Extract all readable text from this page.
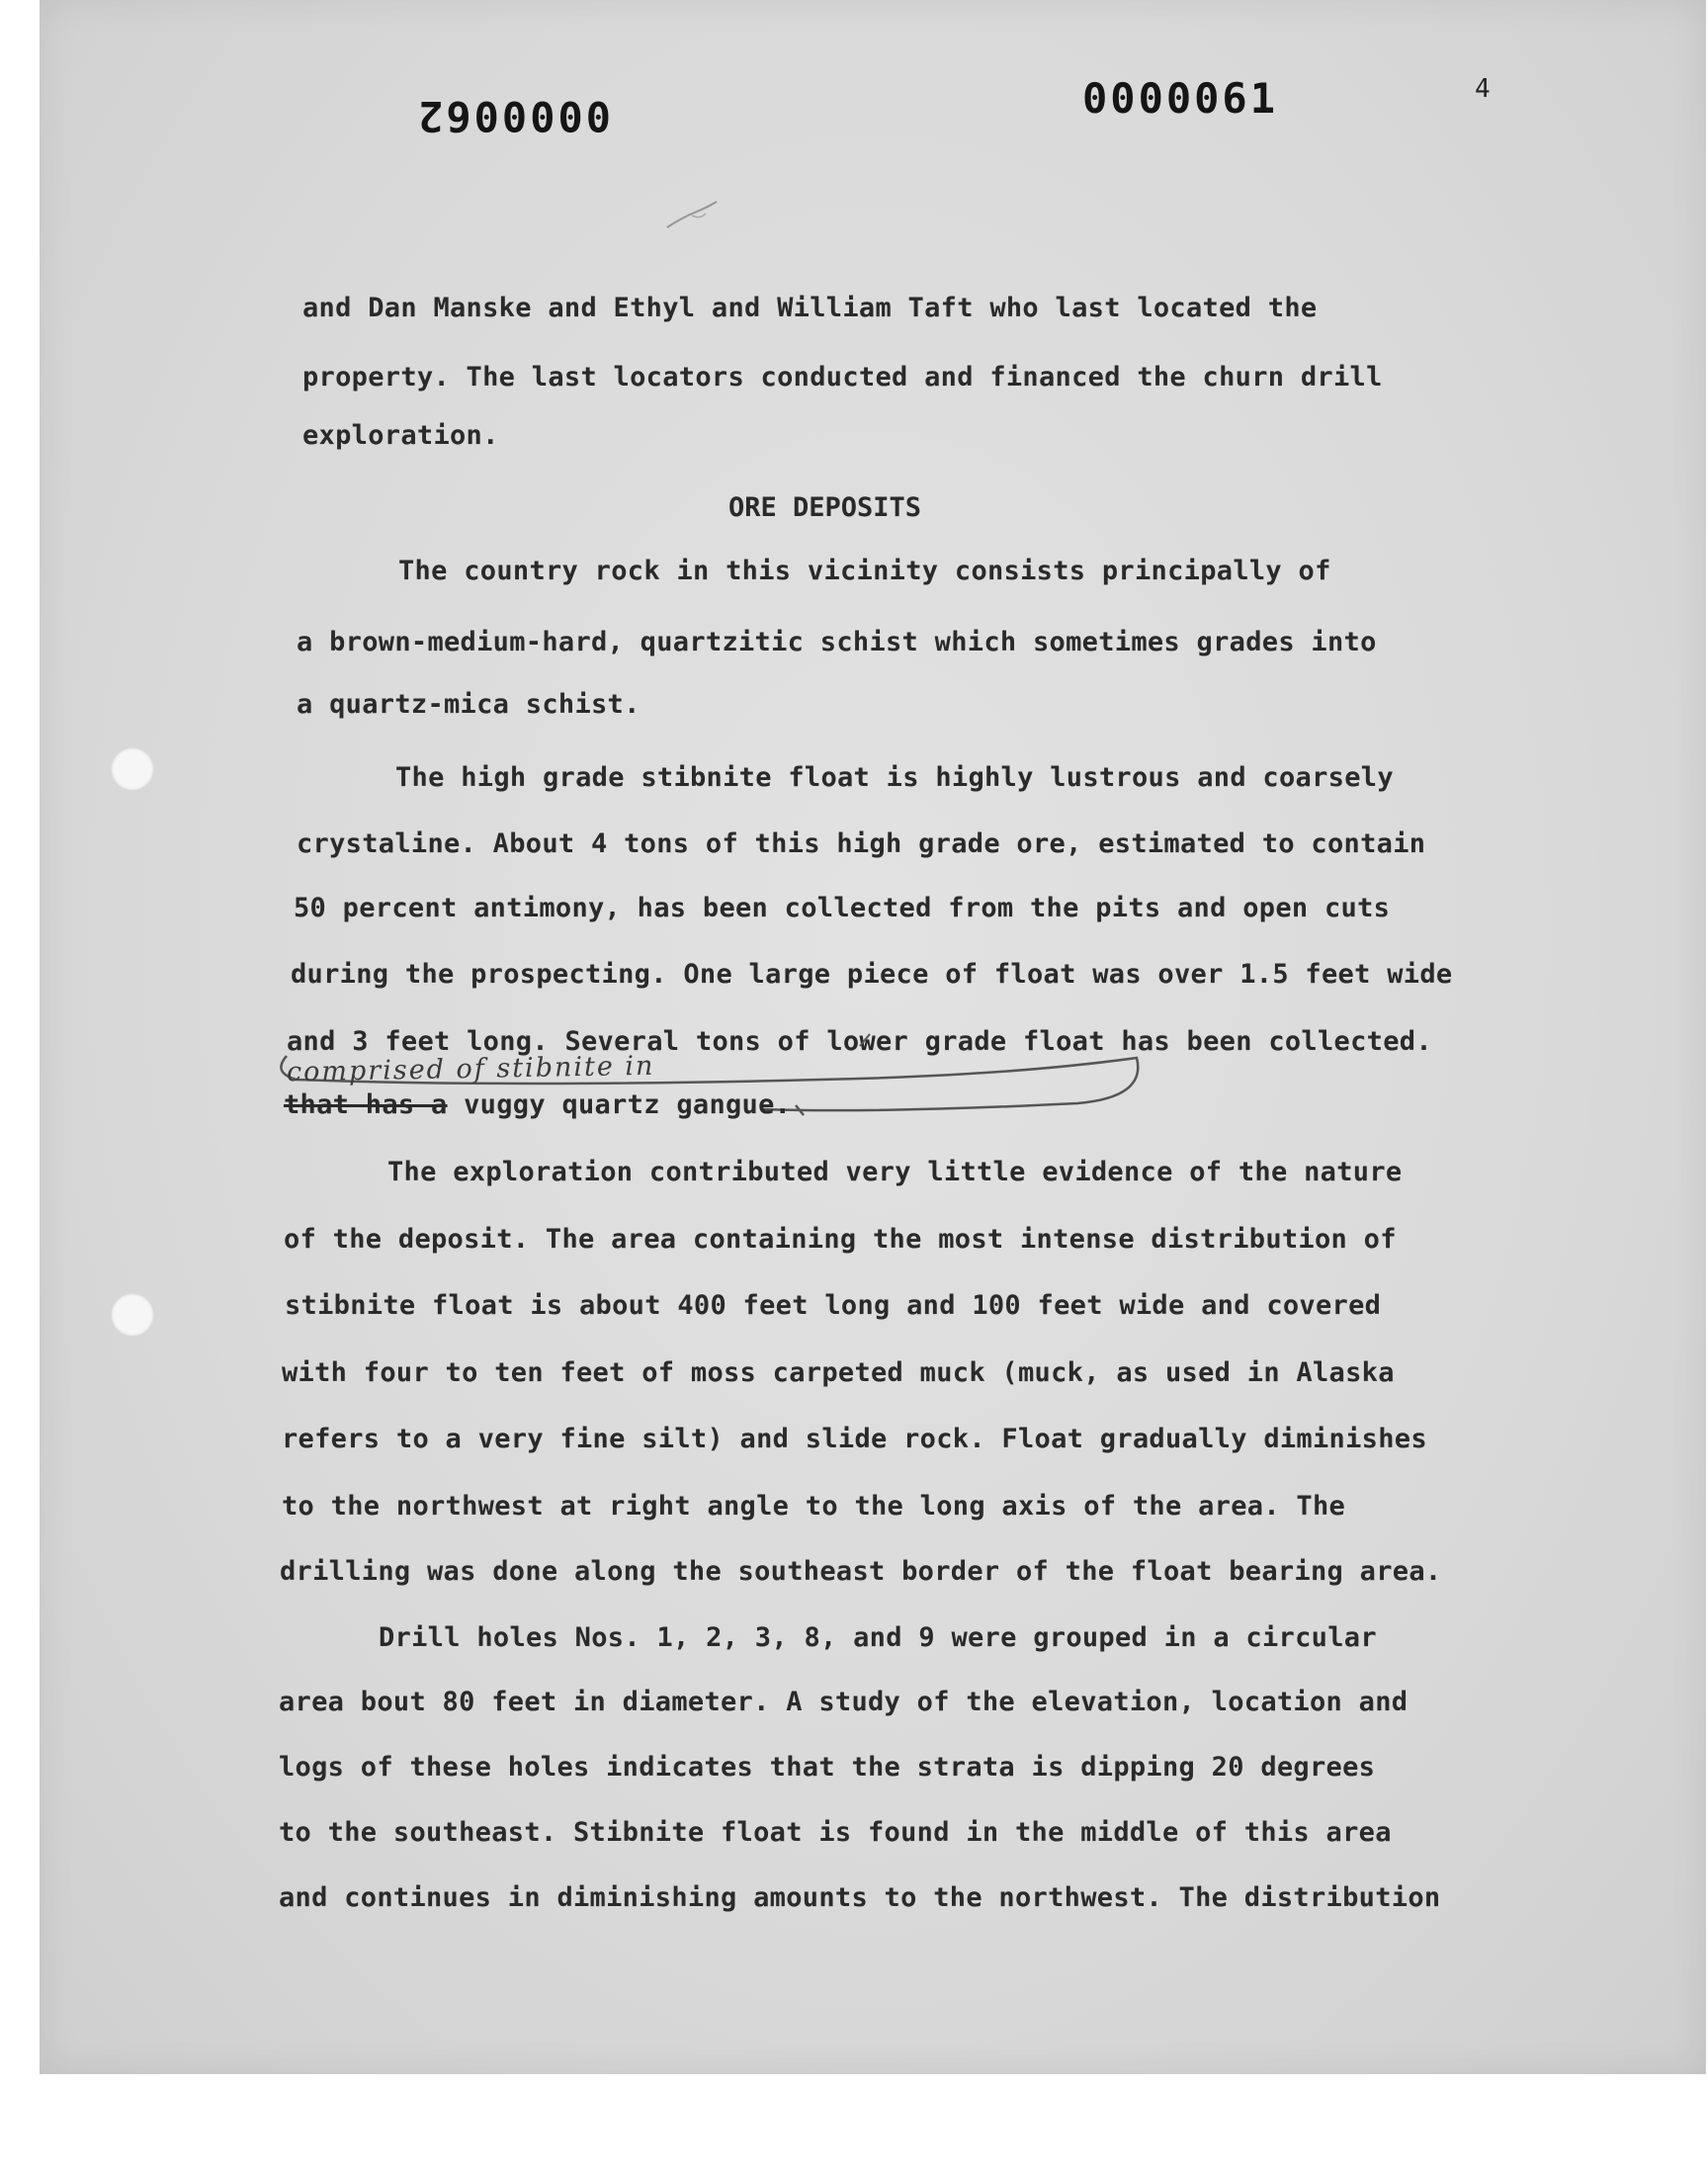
0000062	0000061	4
and Dan Manske and Ethyl and William Taft who last located the
property. The last locators conducted and financed the churn drill
exploration.
ORE DEPOSITS
The country rock in this vicinity consists principally of
a brown-medium-hard, quartzitic schist which sometimes grades into
a quartz-mica schist.
The high grade stibnite float is highly lustrous and coarsely
crystaline. About 4 tons of this high grade ore, estimated to contain
50 percent antimony, has been collected from the pits and open cuts
during the prospecting. One large piece of float was over 1.5 feet wide
and 3 feet long. Several tons of lower grade float has been collected.
comprised of stibnite in
that has a vuggy quartz gangue.
The exploration contributed very little evidence of the nature
of the deposit. The area containing the most intense distribution of
stibnite float is about 400 feet long and 100 feet wide and covered
with four to ten feet of moss carpeted muck (muck, as used in Alaska
refers to a very fine silt) and slide rock. Float gradually diminishes
to the northwest at right angle to the long axis of the area. The
drilling was done along the southeast border of the float bearing area.
Drill holes Nos. 1, 2, 3, 8, and 9 were grouped in a circular
area bout 80 feet in diameter. A study of the elevation, location and
logs of these holes indicates that the strata is dipping 20 degrees
to the southeast. Stibnite float is found in the middle of this area
and continues in diminishing amounts to the northwest. The distribution
